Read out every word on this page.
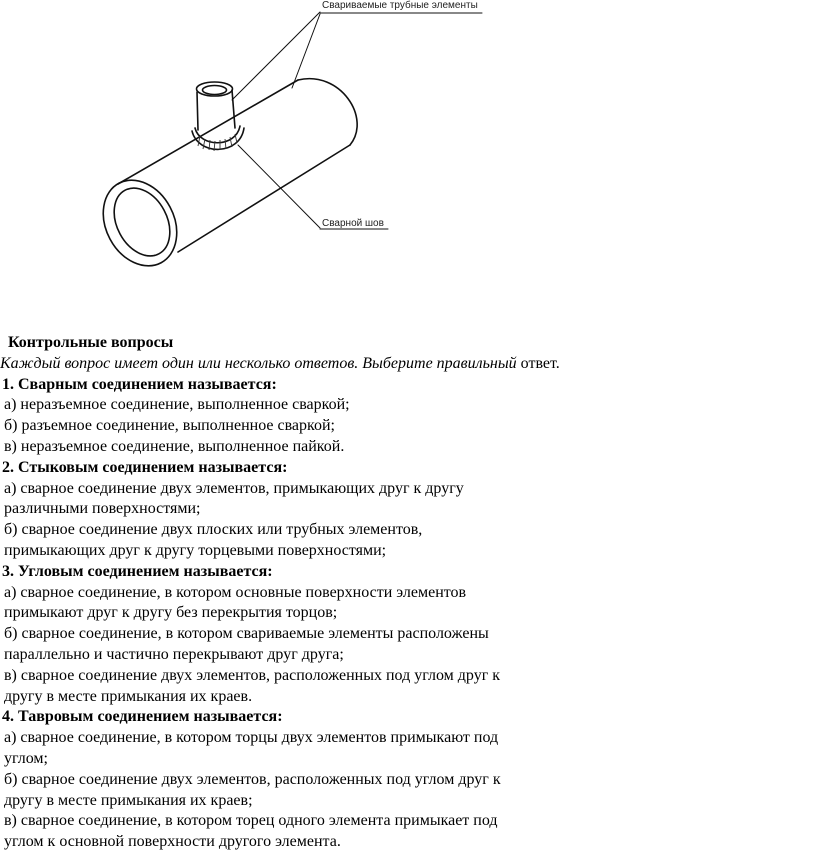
Свариваемые трубные элементы
Сварной шов
Контрольные вопросы
Каждый вопрос имеет один или несколько ответов. Выберите правильный ответ.
1. Сварным соединением называется:
а) неразъемное соединение, выполненное сваркой;
б) разъемное соединение, выполненное сваркой;
в) неразъемное соединение, выполненное пайкой.
2. Стыковым соединением называется:
а) сварное соединение двух элементов, примыкающих друг к другу
различными поверхностями;
б) сварное соединение двух плоских или трубных элементов,
примыкающих друг к другу торцевыми поверхностями;
3. Угловым соединением называется:
а) сварное соединение, в котором основные поверхности элементов
примыкают друг к другу без перекрытия торцов;
б) сварное соединение, в котором свариваемые элементы расположены
параллельно и частично перекрывают друг друга;
в) сварное соединение двух элементов, расположенных под углом друг к
другу в месте примыкания их краев.
4. Тавровым соединением называется:
а) сварное соединение, в котором торцы двух элементов примыкают под
углом;
б) сварное соединение двух элементов, расположенных под углом друг к
другу в месте примыкания их краев;
в) сварное соединение, в котором торец одного элемента примыкает под
углом к основной поверхности другого элемента.
